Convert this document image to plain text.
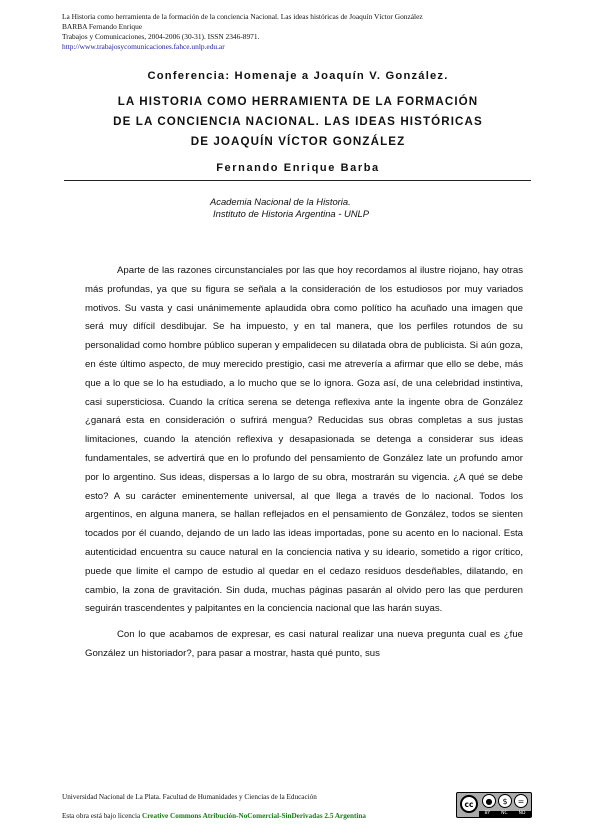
La Historia como herramienta de la formación de la conciencia Nacional. Las ideas históricas de Joaquín Víctor González
BARBA Fernando Enrique
Trabajos y Comunicaciones, 2004-2006 (30-31). ISSN 2346-8971.
http://www.trabajosycomunicaciones.fahce.unlp.edu.ar
Conferencia: Homenaje a Joaquín V. González.
LA HISTORIA COMO HERRAMIENTA DE LA FORMACIÓN
DE LA CONCIENCIA NACIONAL. LAS IDEAS HISTÓRICAS
DE JOAQUÍN VÍCTOR GONZÁLEZ
Fernando Enrique Barba
Academia Nacional de la Historia.
Instituto de Historia Argentina - UNLP

Aparte de las razones circunstanciales por las que hoy recordamos al ilustre riojano, hay otras más profundas, ya que su figura se señala a la consideración de los estudiosos por muy variados motivos. Su vasta y casi unánimemente aplaudida obra como político ha acuñado una imagen que será muy difícil desdibujar. Se ha impuesto, y en tal manera, que los perfiles rotundos de su personalidad como hombre público superan y empalidecen su dilatada obra de publicista. Si aún goza, en éste último aspecto, de muy merecido prestigio, casi me atrevería a afirmar que ello se debe, más que a lo que se lo ha estudiado, a lo mucho que se lo ignora. Goza así, de una celebridad instintiva, casi supersticiosa. Cuando la crítica serena se detenga reflexiva ante la ingente obra de González ¿ganará esta en consideración o sufrirá mengua? Reducidas sus obras completas a sus justas limitaciones, cuando la atención reflexiva y desapasionada se detenga a considerar sus ideas fundamentales, se advertirá que en lo profundo del pensamiento de González late un profundo amor por lo argentino. Sus ideas, dispersas a lo largo de su obra, mostrarán su vigencia. ¿A qué se debe esto? A su carácter eminentemente universal, al que llega a través de lo nacional. Todos los argentinos, en alguna manera, se hallan reflejados en el pensamiento de González, todos se sienten tocados por él cuando, dejando de un lado las ideas importadas, pone su acento en lo nacional. Esta autenticidad encuentra su cauce natural en la conciencia nativa y su ideario, sometido a rigor crítico, puede que limite el campo de estudio al quedar en el cedazo residuos desdeñables, dilatando, en cambio, la zona de gravitación. Sin duda, muchas páginas pasarán al olvido pero las que perduren seguirán trascendentes y palpitantes en la conciencia nacional que las harán suyas.

Con lo que acabamos de expresar, es casi natural realizar una nueva pregunta cual es ¿fue González un historiador?, para pasar a mostrar, hasta qué punto, sus

Universidad Nacional de La Plata. Facultad de Humanidades y Ciencias de la Educación
Esta obra está bajo licencia Creative Commons Atribución-NoComercial-SinDerivadas 2.5 Argentina
cc	●	$	=
BY NC ND
